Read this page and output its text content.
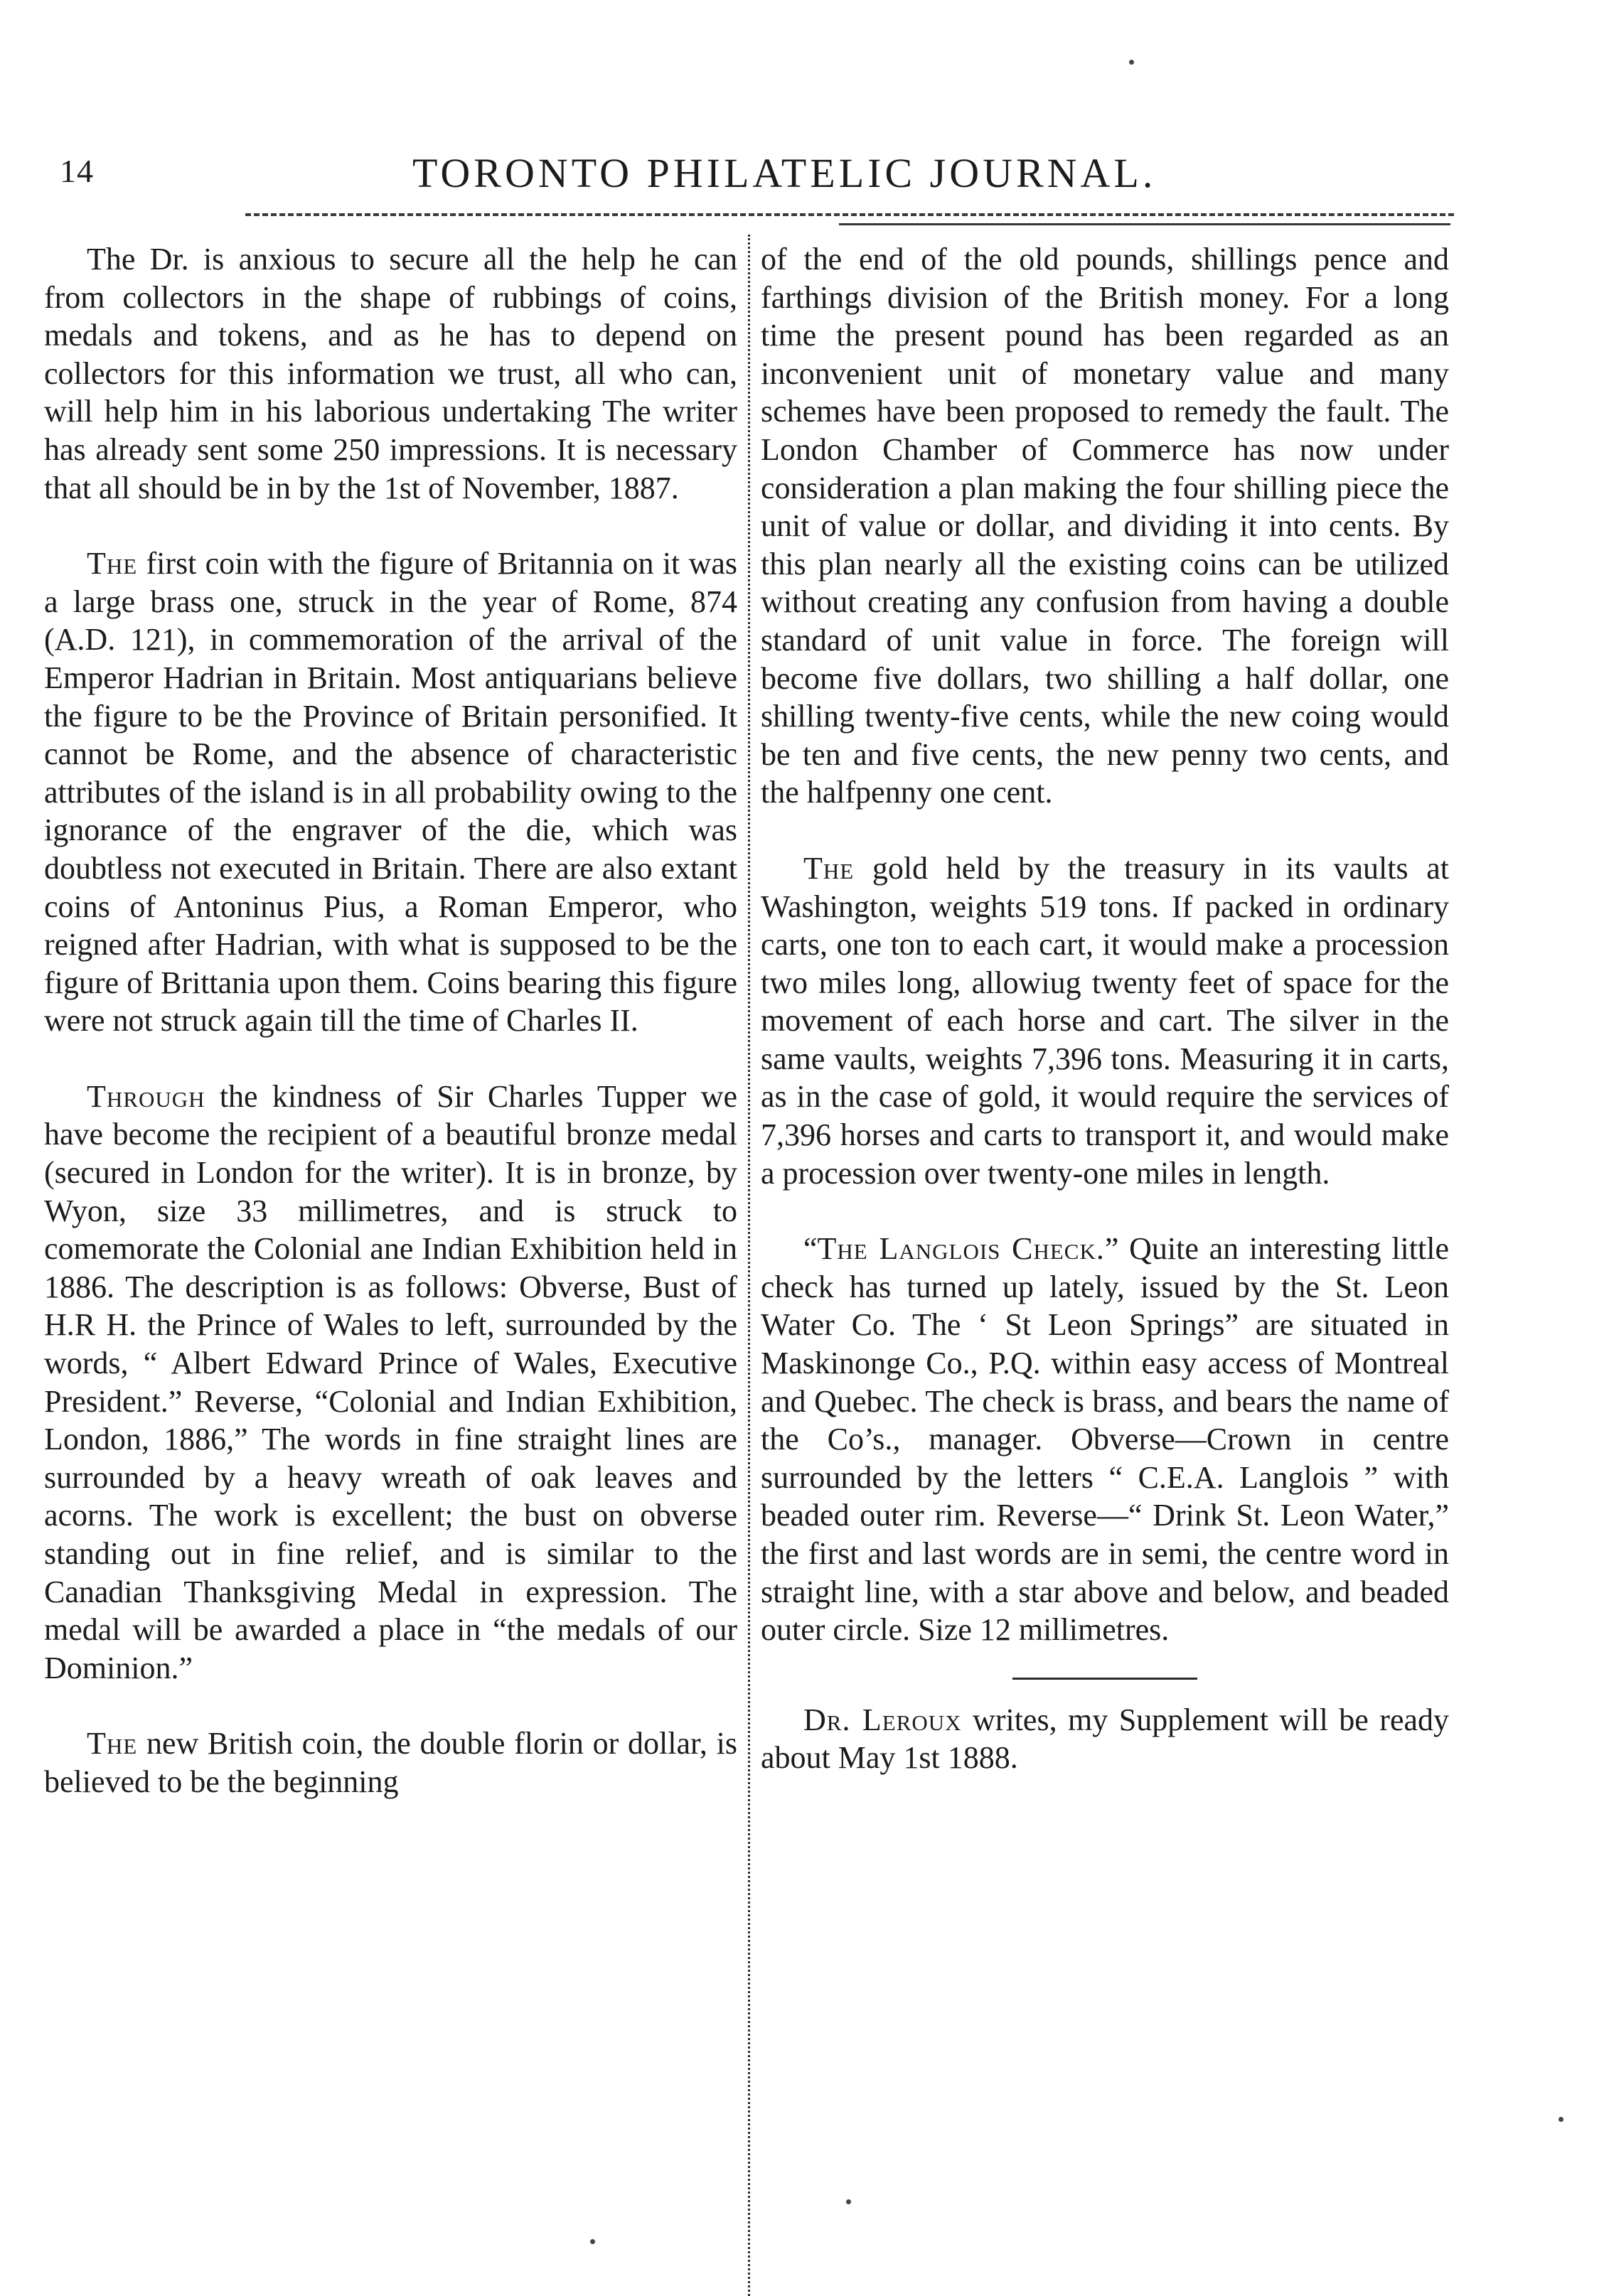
14	TORONTO PHILATELIC JOURNAL.

The Dr. is anxious to secure all the help he can from collectors in the shape of rubbings of coins, medals and tokens, and as he has to depend on collectors for this information we trust, all who can, will help him in his laborious undertaking The writer has already sent some 250 impressions. It is necessary that all should be in by the 1st of November, 1887.

The first coin with the figure of Britannia on it was a large brass one, struck in the year of Rome, 874 (A.D. 121), in commemoration of the arrival of the Emperor Hadrian in Britain. Most antiquarians believe the figure to be the Province of Britain personified. It cannot be Rome, and the absence of characteristic attributes of the island is in all probability owing to the ignorance of the engraver of the die, which was doubtless not executed in Britain. There are also extant coins of Antoninus Pius, a Roman Emperor, who reigned after Hadrian, with what is supposed to be the figure of Brittania upon them. Coins bearing this figure were not struck again till the time of Charles II.

Through the kindness of Sir Charles Tupper we have become the recipient of a beautiful bronze medal (secured in London for the writer). It is in bronze, by Wyon, size 33 millimetres, and is struck to comemorate the Colonial ane Indian Exhibition held in 1886. The description is as follows: Obverse, Bust of H.R H. the Prince of Wales to left, surrounded by the words, “ Albert Edward Prince of Wales, Executive President.” Reverse, “Colonial and Indian Exhibition, London, 1886,” The words in fine straight lines are surrounded by a heavy wreath of oak leaves and acorns. The work is excellent; the bust on obverse standing out in fine relief, and is similar to the Canadian Thanksgiving Medal in expression. The medal will be awarded a place in “the medals of our Dominion.”

The new British coin, the double florin or dollar, is believed to be the beginning

of the end of the old pounds, shillings pence and farthings division of the British money. For a long time the present pound has been regarded as an inconvenient unit of monetary value and many schemes have been proposed to remedy the fault. The London Chamber of Commerce has now under consideration a plan making the four shilling piece the unit of value or dollar, and dividing it into cents. By this plan nearly all the existing coins can be utilized without creating any confusion from having a double standard of unit value in force. The foreign will become five dollars, two shilling a half dollar, one shilling twenty-five cents, while the new coing would be ten and five cents, the new penny two cents, and the halfpenny one cent.

The gold held by the treasury in its vaults at Washington, weights 519 tons. If packed in ordinary carts, one ton to each cart, it would make a procession two miles long, allowiug twenty feet of space for the movement of each horse and cart. The silver in the same vaults, weights 7,396 tons. Measuring it in carts, as in the case of gold, it would require the services of 7,396 horses and carts to transport it, and would make a procession over twenty-one miles in length.

“The Langlois Check.” Quite an interesting little check has turned up lately, issued by the St. Leon Water Co. The ‘ St Leon Springs” are situated in Maskinonge Co., P.Q. within easy access of Montreal and Quebec. The check is brass, and bears the name of the Co’s., manager. Obverse—Crown in centre surrounded by the letters “ C.E.A. Langlois ” with beaded outer rim. Reverse—“ Drink St. Leon Water,” the first and last words are in semi, the centre word in straight line, with a star above and below, and beaded outer circle. Size 12 millimetres.

Dr. Leroux writes, my Supplement will be ready about May 1st 1888.
